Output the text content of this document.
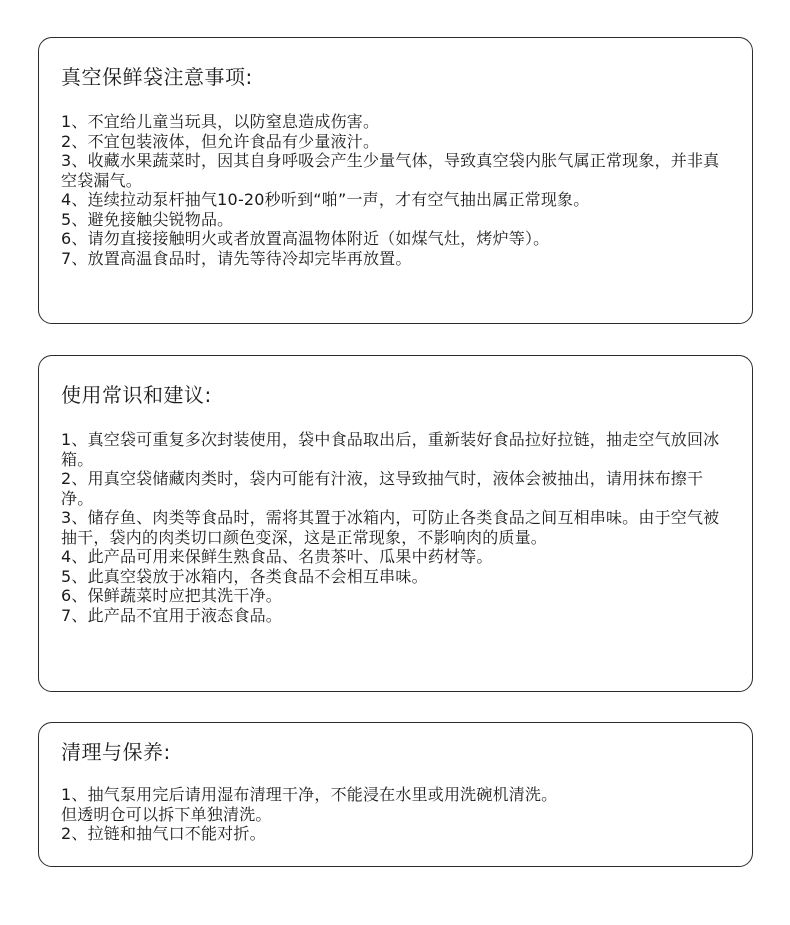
真空保鲜袋注意事项:
1、不宜给儿童当玩具，以防窒息造成伤害。
2、不宜包装液体，但允许食品有少量液汁。
3、收藏水果蔬菜时，因其自身呼吸会产生少量气体，导致真空袋内胀气属正常现象，并非真空袋漏气。
4、连续拉动泵杆抽气10-20秒听到“啪”一声，才有空气抽出属正常现象。
5、避免接触尖锐物品。
6、请勿直接接触明火或者放置高温物体附近（如煤气灶，烤炉等）。
7、放置高温食品时，请先等待冷却完毕再放置。
使用常识和建议:
1、真空袋可重复多次封装使用，袋中食品取出后，重新装好食品拉好拉链，抽走空气放回冰箱。
2、用真空袋储藏肉类时，袋内可能有汁液，这导致抽气时，液体会被抽出，请用抹布擦干净。
3、储存鱼、肉类等食品时，需将其置于冰箱内，可防止各类食品之间互相串味。由于空气被抽干，袋内的肉类切口颜色变深，这是正常现象，不影响肉的质量。
4、此产品可用来保鲜生熟食品、名贵茶叶、瓜果中药材等。
5、此真空袋放于冰箱内，各类食品不会相互串味。
6、保鲜蔬菜时应把其洗干净。
7、此产品不宜用于液态食品。
清理与保养:
1、抽气泵用完后请用湿布清理干净，不能浸在水里或用洗碗机清洗。
但透明仓可以拆下单独清洗。
2、拉链和抽气口不能对折。
